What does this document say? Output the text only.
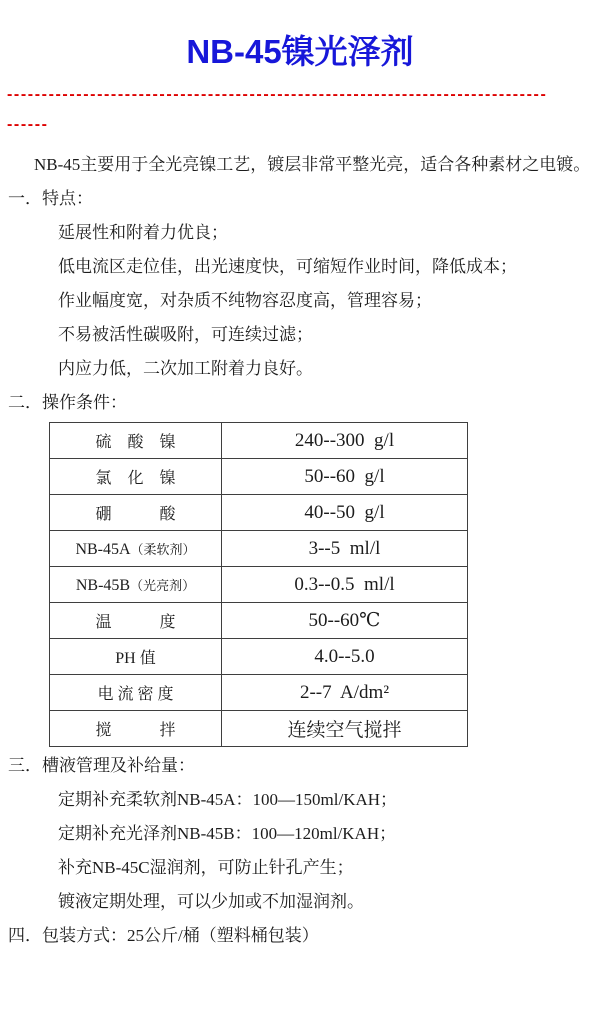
NB-45镍光泽剂
------------------------------------------------------------------------------
------

NB-45主要用于全光亮镍工艺，镀层非常平整光亮，适合各种素材之电镀。

一．特点：
延展性和附着力优良；
低电流区走位佳，出光速度快，可缩短作业时间，降低成本；
作业幅度宽，对杂质不纯物容忍度高，管理容易；
不易被活性碳吸附，可连续过滤；
内应力低，二次加工附着力良好。
二．操作条件：
硫　酸　镍	240--300  g/l
氯　化　镍	50--60  g/l
硼　　　酸	40--50  g/l
NB-45A（柔软剂）	3--5  ml/l
NB-45B（光亮剂）	0.3--0.5  ml/l
温　　　度	50--60℃
PH 值	4.0--5.0
电 流 密 度	2--7  A/dm²
搅　　　拌	连续空气搅拌
三．槽液管理及补给量：
定期补充柔软剂NB-45A：100—150ml/KAH；
定期补充光泽剂NB-45B：100—120ml/KAH；
补充NB-45C湿润剂，可防止针孔产生；
镀液定期处理，可以少加或不加湿润剂。
四．包装方式：25公斤/桶（塑料桶包装）
